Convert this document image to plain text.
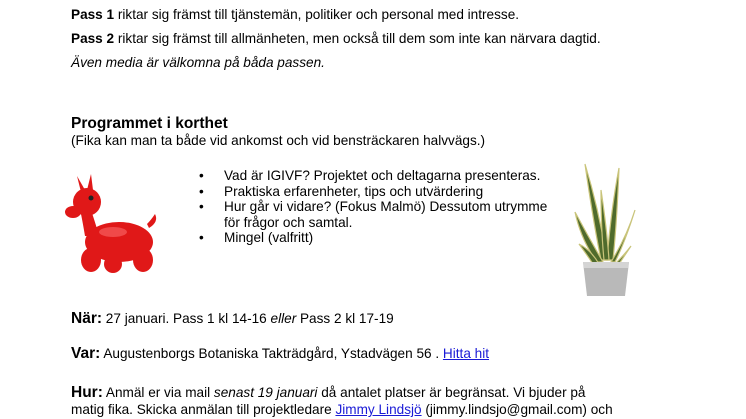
Pass 1 riktar sig främst till tjänstemän, politiker och personal med intresse.
Pass 2 riktar sig främst till allmänheten, men också till dem som inte kan närvara dagtid.
Även media är välkomna på båda passen.
Programmet i korthet
(Fika kan man ta både vid ankomst och vid bensträckaren halvvägs.)
• Vad är IGIVF? Projektet och deltagarna presenteras.
• Praktiska erfarenheter, tips och utvärdering
• Hur går vi vidare? (Fokus Malmö) Dessutom utrymme för frågor och samtal.
• Mingel (valfritt)
När: 27 januari. Pass 1 kl 14-16 eller Pass 2 kl 17-19
Var: Augustenborgs Botaniska Takträdgård, Ystadvägen 56 . Hitta hit
Hur: Anmäl er via mail senast 19 januari då antalet platser är begränsat. Vi bjuder på
matig fika. Skicka anmälan till projektledare Jimmy Lindsjö (jimmy.lindsjo@gmail.com) och
